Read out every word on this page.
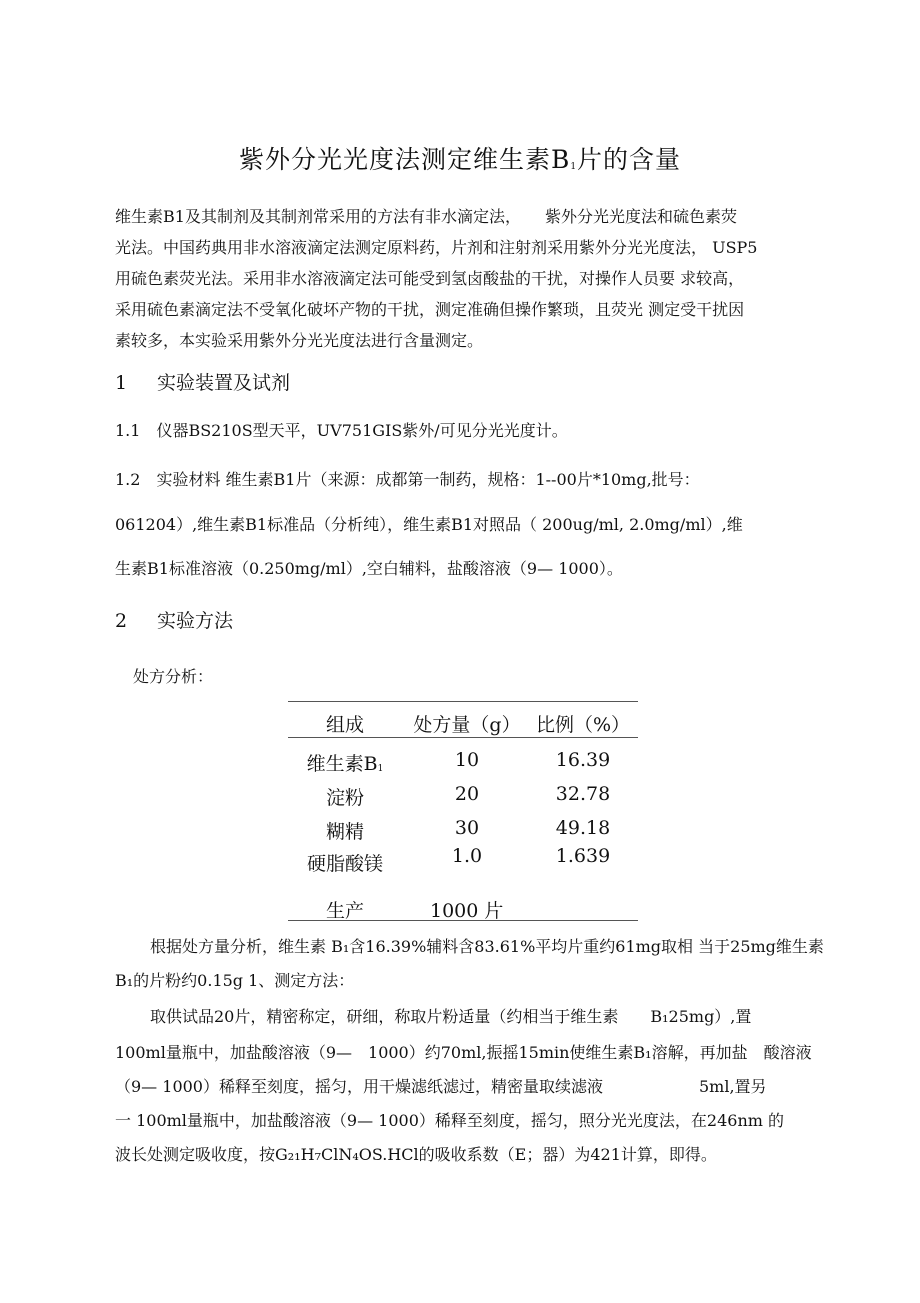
紫外分光光度法测定维生素B1片的含量
维生素B1及其制剂及其制剂常采用的方法有非水滴定法，　　紫外分光光度法和硫色素荧
光法。中国药典用非水溶液滴定法测定原料药，片剂和注射剂采用紫外分光光度法， USP5
用硫色素荧光法。采用非水溶液滴定法可能受到氢卤酸盐的干扰，对操作人员要 求较高，
采用硫色素滴定法不受氧化破坏产物的干扰，测定准确但操作繁琐，且荧光 测定受干扰因
素较多，本实验采用紫外分光光度法进行含量测定。
1 实验装置及试剂
1.1　仪器BS210S型天平，UV751GIS紫外/可见分光光度计。
1.2　实验材料 维生素B1片（来源：成都第一制药，规格：1--00片*10mg,批号：
061204）,维生素B1标准品（分析纯），维生素B1对照品（ 200ug/ml, 2.0mg/ml）,维
生素B1标准溶液（0.250mg/ml）,空白辅料，盐酸溶液（9— 1000）。
2 实验方法
处方分析：
组成	处方量（g） 比例（%）
维生素B1	10	16.39
淀粉	20	32.78
糊精	30	49.18
硬脂酸镁	1.0	1.639
生产	1000 片
根据处方量分析，维生素 B₁含16.39%辅料含83.61%平均片重约61mg取相 当于25mg维生素
B₁的片粉约0.15g 1、测定方法：
取供试品20片，精密称定，研细，称取片粉适量（约相当于维生素　　B₁25mg）,置
100ml量瓶中，加盐酸溶液（9—　1000）约70ml,振摇15min使维生素B₁溶解，再加盐　酸溶液
（9— 1000）稀释至刻度，摇匀，用干燥滤纸滤过，精密量取续滤液　　　　　　5ml,置另
一 100ml量瓶中，加盐酸溶液（9— 1000）稀释至刻度，摇匀，照分光光度法，在246nm 的
波长处测定吸收度，按G₂₁H₇ClN₄OS.HCl的吸收系数（E；器）为421计算，即得。
